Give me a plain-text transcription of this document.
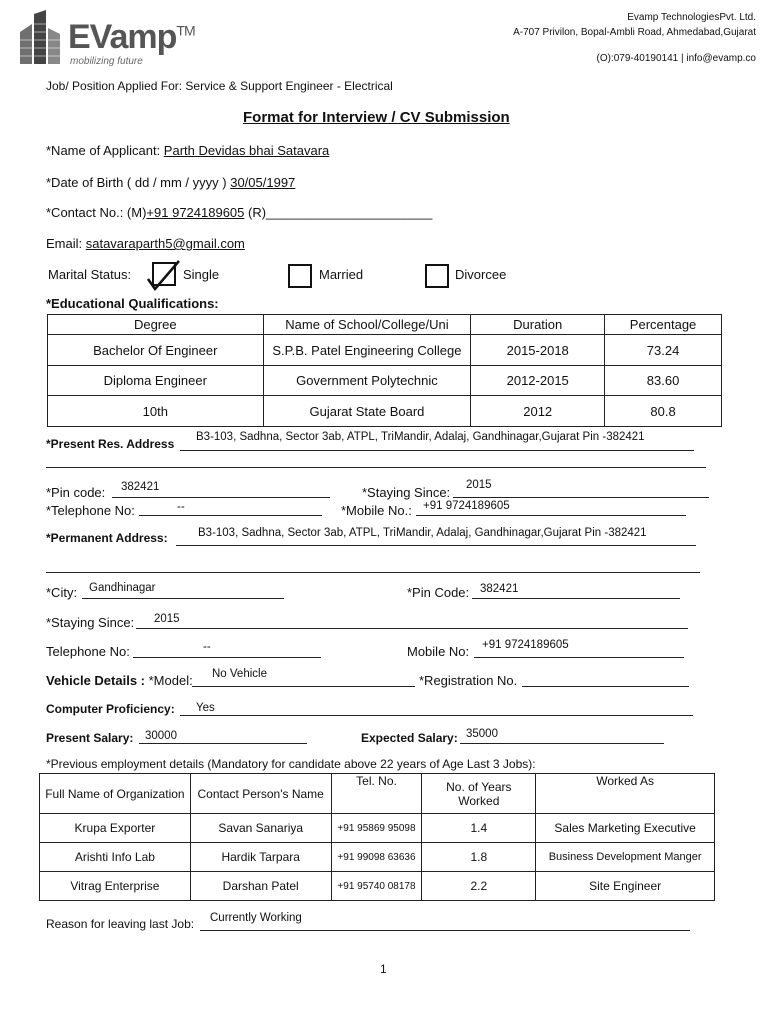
EVamp™
mobilizing future
Evamp TechnologiesPvt. Ltd.
A-707 Privilon, Bopal-Ambli Road, Ahmedabad,Gujarat
(O):079-40190141 | info@evamp.co
Job/ Position Applied For: Service & Support Engineer - Electrical
Format for Interview / CV Submission
*Name of Applicant: Parth Devidas bhai Satavara
*Date of Birth ( dd / mm / yyyy ) 30/05/1997
*Contact No.: (M)+91 9724189605 (R)_______________________
Email: satavaraparth5@gmail.com
Marital Status:	Single	Married	Divorcee
*Educational Qualifications:
Degree	Name of School/College/Uni	Duration	Percentage
Bachelor Of Engineer	S.P.B. Patel Engineering College	2015-2018	73.24
Diploma Engineer	Government Polytechnic	2012-2015	83.60
10th	Gujarat State Board	2012	80.8
*Present Res. Address B3-103, Sadhna, Sector 3ab, ATPL, TriMandir, Adalaj, Gandhinagar,Gujarat Pin -382421
*Pin code: 382421	*Staying Since: 2015
*Telephone No:	--	*Mobile No.: +91 9724189605
*Permanent Address:	B3-103, Sadhna, Sector 3ab, ATPL, TriMandir, Adalaj, Gandhinagar,Gujarat Pin -382421
*City: Gandhinagar	*Pin Code: 382421
*Staying Since: 2015
Telephone No:	--	Mobile No: +91 9724189605
Vehicle Details : *Model: No Vehicle	*Registration No.
Computer Proficiency: Yes
Present Salary: 30000	Expected Salary: 35000
*Previous employment details (Mandatory for candidate above 22 years of Age Last 3 Jobs):
Full Name of Organization	Contact Person's Name	Tel. No.	No. of Years Worked	Worked As
Krupa Exporter	Savan Sanariya	+91 95869 95098	1.4	Sales Marketing Executive
Arishti Info Lab	Hardik Tarpara	+91 99098 63636	1.8	Business Development Manger
Vitrag Enterprise	Darshan Patel	+91 95740 08178	2.2	Site Engineer
Reason for leaving last Job: Currently Working
1
